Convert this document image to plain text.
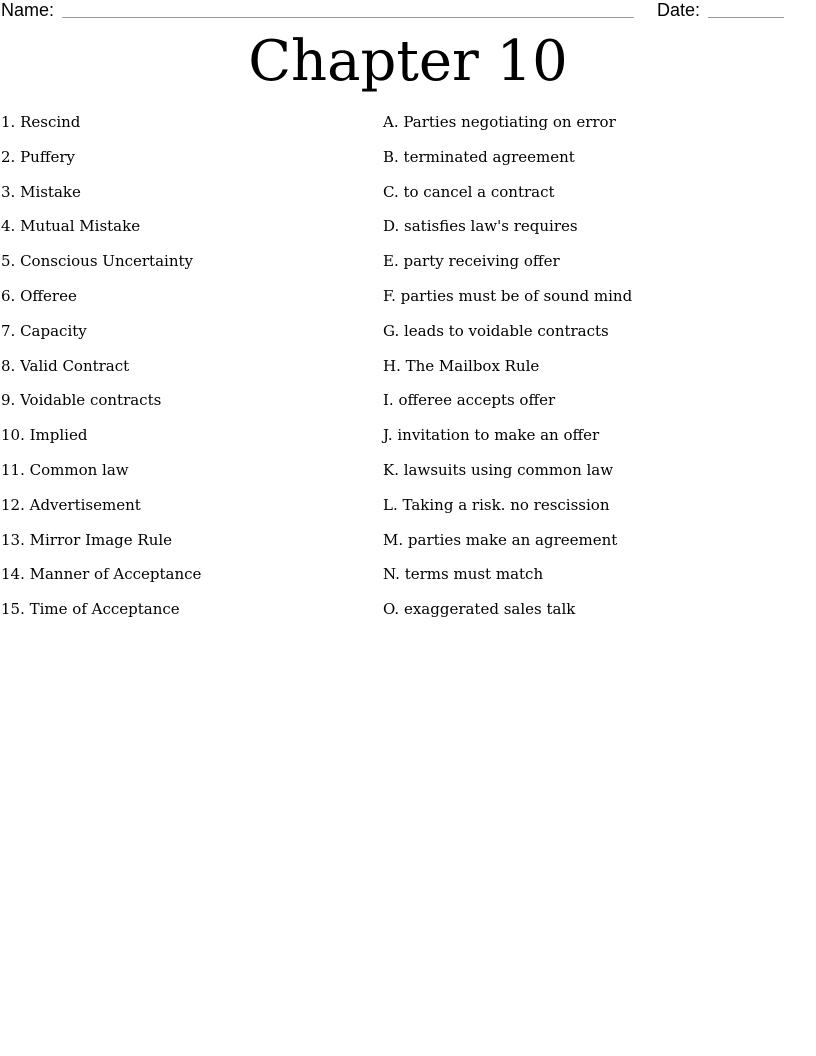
Name:	Date:
Chapter 10
1. Rescind
2. Puffery
3. Mistake
4. Mutual Mistake
5. Conscious Uncertainty
6. Offeree
7. Capacity
8. Valid Contract
9. Voidable contracts
10. Implied
11. Common law
12. Advertisement
13. Mirror Image Rule
14. Manner of Acceptance
15. Time of Acceptance
A. Parties negotiating on error
B. terminated agreement
C. to cancel a contract
D. satisfies law's requires
E. party receiving offer
F. parties must be of sound mind
G. leads to voidable contracts
H. The Mailbox Rule
I. offeree accepts offer
J. invitation to make an offer
K. lawsuits using common law
L. Taking a risk. no rescission
M. parties make an agreement
N. terms must match
O. exaggerated sales talk
